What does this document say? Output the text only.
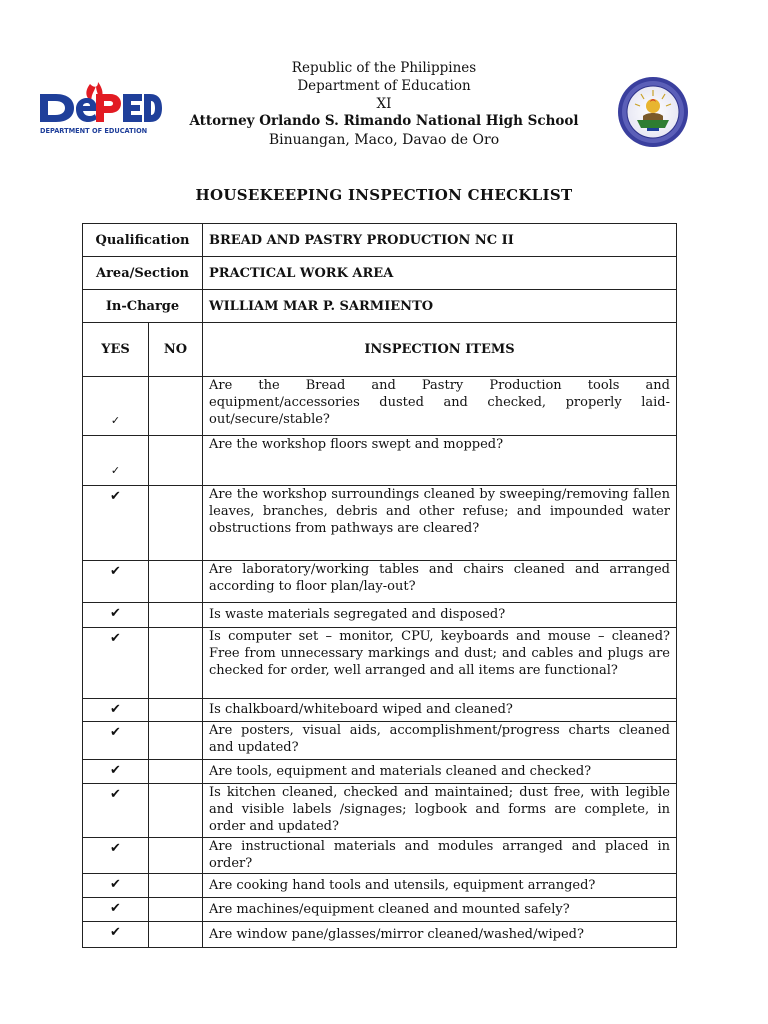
Republic of the Philippines
Department of Education
XI
Attorney Orlando S. Rimando National High School
Binuangan, Maco, Davao de Oro
DEPARTMENT OF EDUCATION
HOUSEKEEPING INSPECTION CHECKLIST
Qualification		BREAD AND PASTRY PRODUCTION NC II
Area/Section		PRACTICAL WORK AREA
In-Charge		WILLIAM MAR P. SARMIENTO
YES	NO	INSPECTION ITEMS
✓		Are the Bread and Pastry Production tools and equipment/accessories dusted and checked, properly laid-out/secure/stable?
✓		Are the workshop floors swept and mopped?
✔		Are the workshop surroundings cleaned by sweeping/removing fallen leaves, branches, debris and other refuse; and impounded water obstructions from pathways are cleared?
✔		Are laboratory/working tables and chairs cleaned and arranged according to floor plan/lay-out?
✔		Is waste materials segregated and disposed?
✔		Is computer set – monitor, CPU, keyboards and mouse – cleaned? Free from unnecessary markings and dust; and cables and plugs are checked for order, well arranged and all items are functional?
✔		Is chalkboard/whiteboard wiped and cleaned?
✔		Are posters, visual aids, accomplishment/progress charts cleaned and updated?
✔		Are tools, equipment and materials cleaned and checked?
✔		Is kitchen cleaned, checked and maintained; dust free, with legible and visible labels /signages; logbook and forms are complete, in order and updated?
✔		Are instructional materials and modules arranged and placed in order?
✔		Are cooking hand tools and utensils, equipment arranged?
✔		Are machines/equipment cleaned and mounted safely?
✔		Are window pane/glasses/mirror cleaned/washed/wiped?
